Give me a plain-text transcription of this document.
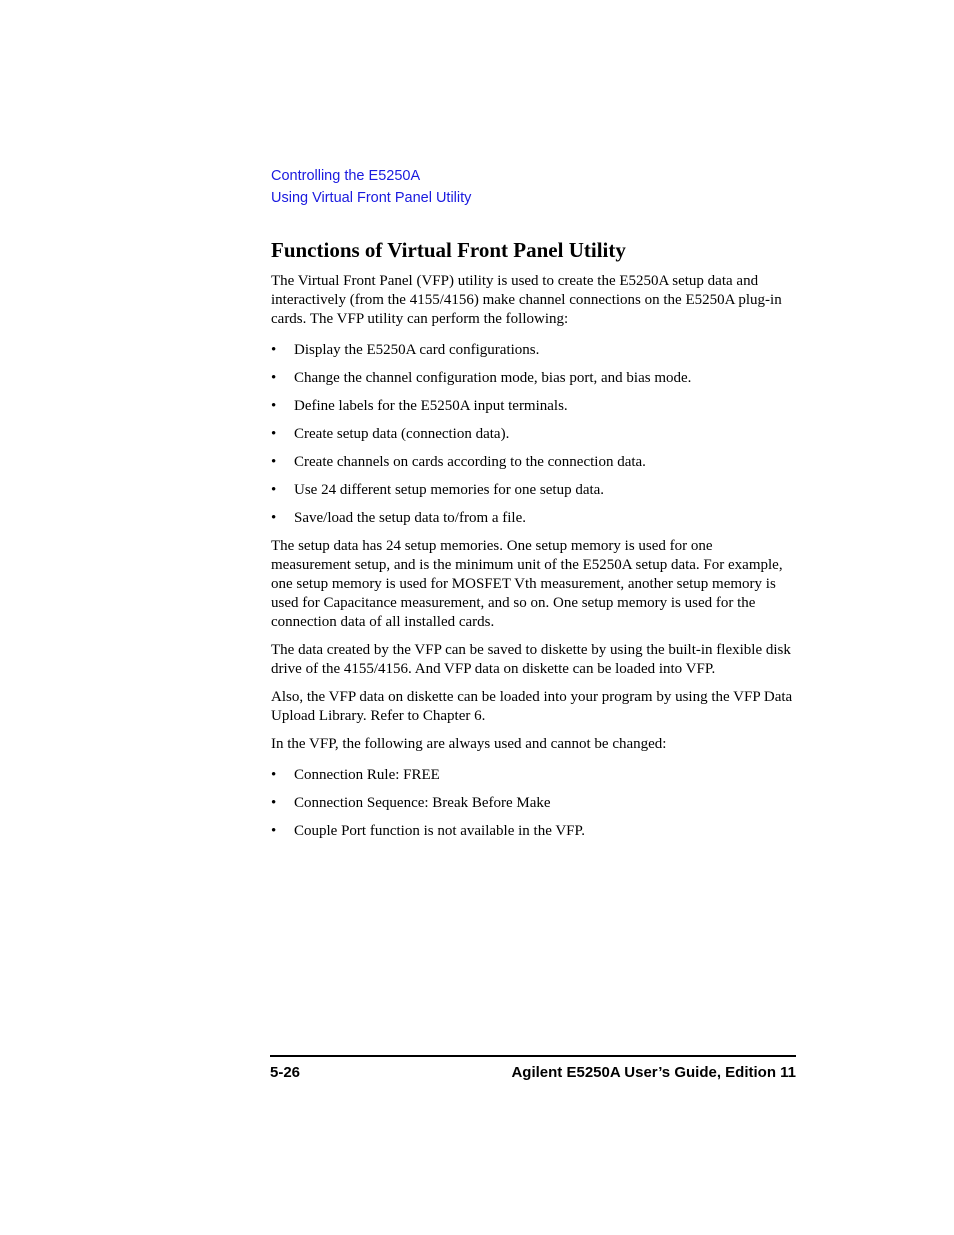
Controlling the E5250A
Using Virtual Front Panel Utility
Functions of Virtual Front Panel Utility

The Virtual Front Panel (VFP) utility is used to create the E5250A setup data and interactively (from the 4155/4156) make channel connections on the E5250A plug-in cards. The VFP utility can perform the following:

• Display the E5250A card configurations.
• Change the channel configuration mode, bias port, and bias mode.
• Define labels for the E5250A input terminals.
• Create setup data (connection data).
• Create channels on cards according to the connection data.
• Use 24 different setup memories for one setup data.
• Save/load the setup data to/from a file.

The setup data has 24 setup memories. One setup memory is used for one measurement setup, and is the minimum unit of the E5250A setup data. For example, one setup memory is used for MOSFET Vth measurement, another setup memory is used for Capacitance measurement, and so on. One setup memory is used for the connection data of all installed cards.

The data created by the VFP can be saved to diskette by using the built-in flexible disk drive of the 4155/4156. And VFP data on diskette can be loaded into VFP.

Also, the VFP data on diskette can be loaded into your program by using the VFP Data Upload Library. Refer to Chapter 6.

In the VFP, the following are always used and cannot be changed:

• Connection Rule: FREE
• Connection Sequence: Break Before Make
• Couple Port function is not available in the VFP.
5-26	Agilent E5250A User’s Guide, Edition 11
